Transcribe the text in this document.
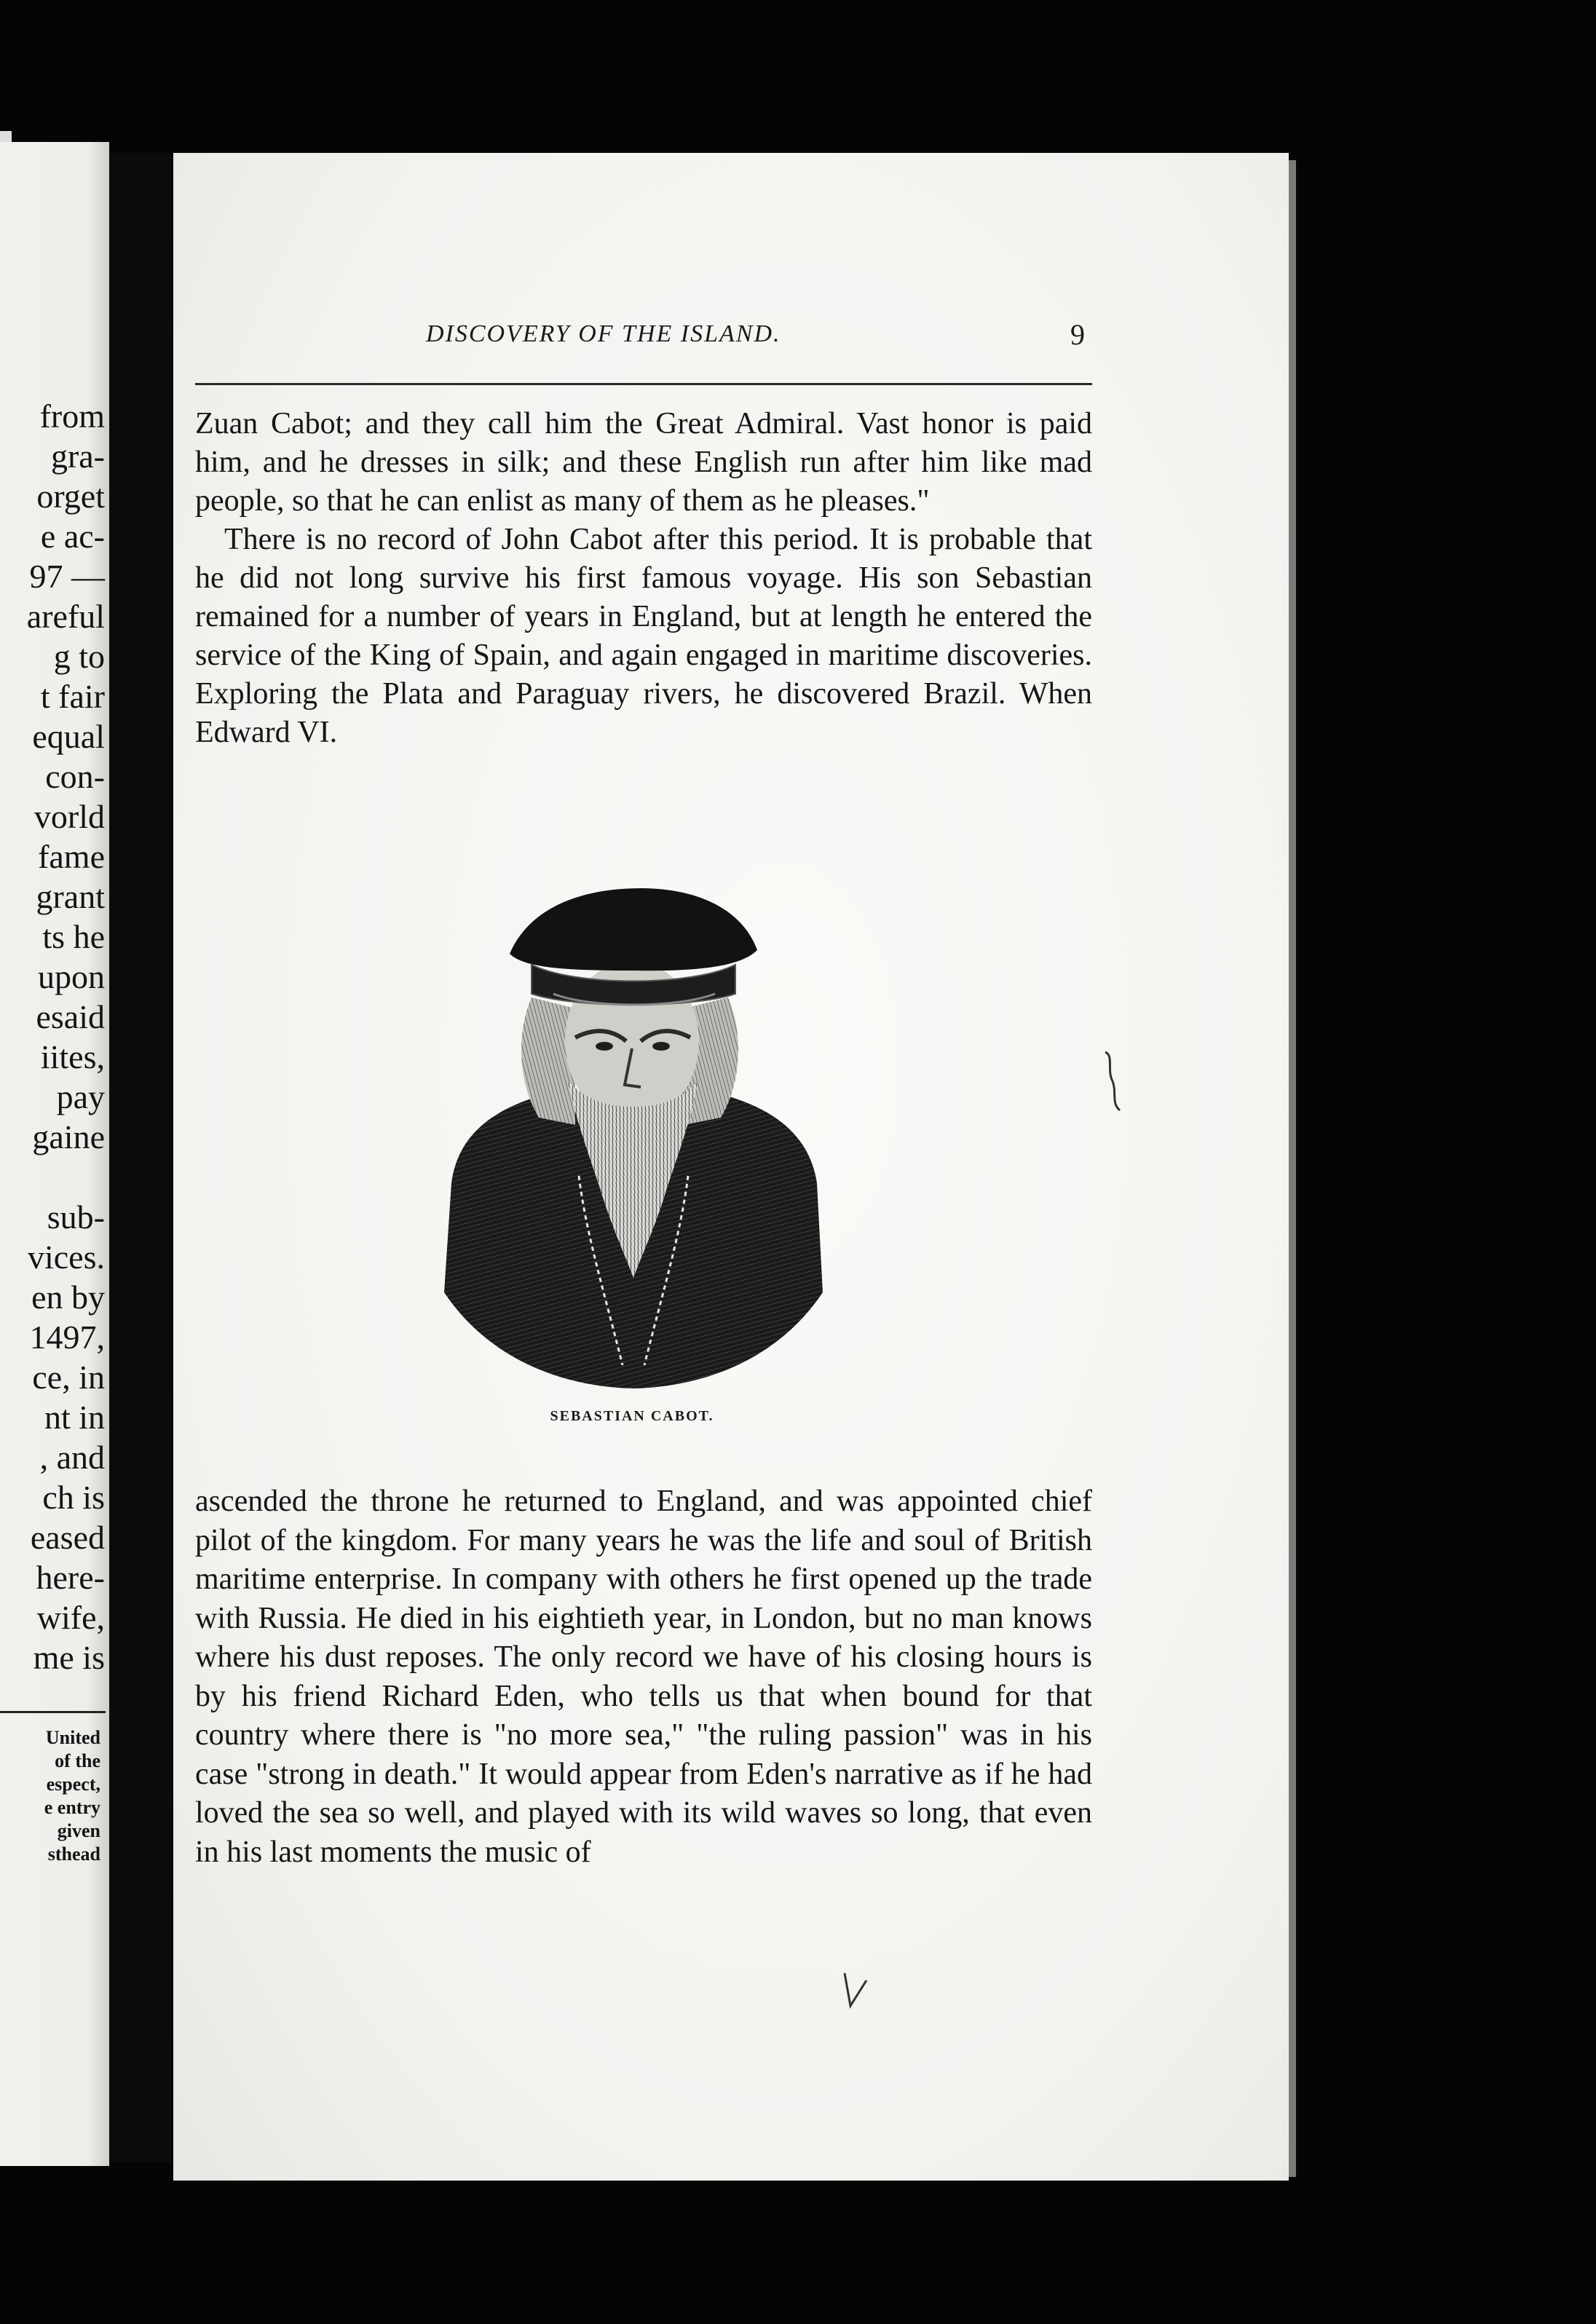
DISCOVERY OF THE ISLAND.	9

Zuan Cabot; and they call him the Great Admiral. Vast honor is paid him, and he dresses in silk; and these English run after him like mad people, so that he can enlist as many of them as he pleases."

There is no record of John Cabot after this period. It is probable that he did not long survive his first famous voyage. His son Sebastian remained for a number of years in England, but at length he entered the service of the King of Spain, and again engaged in maritime discoveries. Exploring the Plata and Paraguay rivers, he discovered Brazil. When Edward VI.

SEBASTIAN CABOT.

ascended the throne he returned to England, and was appointed chief pilot of the kingdom. For many years he was the life and soul of British maritime enterprise. In company with others he first opened up the trade with Russia. He died in his eightieth year, in London, but no man knows where his dust reposes. The only record we have of his closing hours is by his friend Richard Eden, who tells us that when bound for that country where there is "no more sea," "the ruling passion" was in his case "strong in death." It would appear from Eden's narrative as if he had loved the sea so well, and played with its wild waves so long, that even in his last moments the music of

from
gra-
orget
e ac-
97 —
areful
g to
t fair
equal
con-
vorld
fame
grant
ts he
upon
esaid
iites,
pay
gaine
sub-
vices.
en by
1497,
ce, in
nt in
, and
ch is
eased
here-
wife,
me is
United
of the
espect,
e entry
given
sthead
